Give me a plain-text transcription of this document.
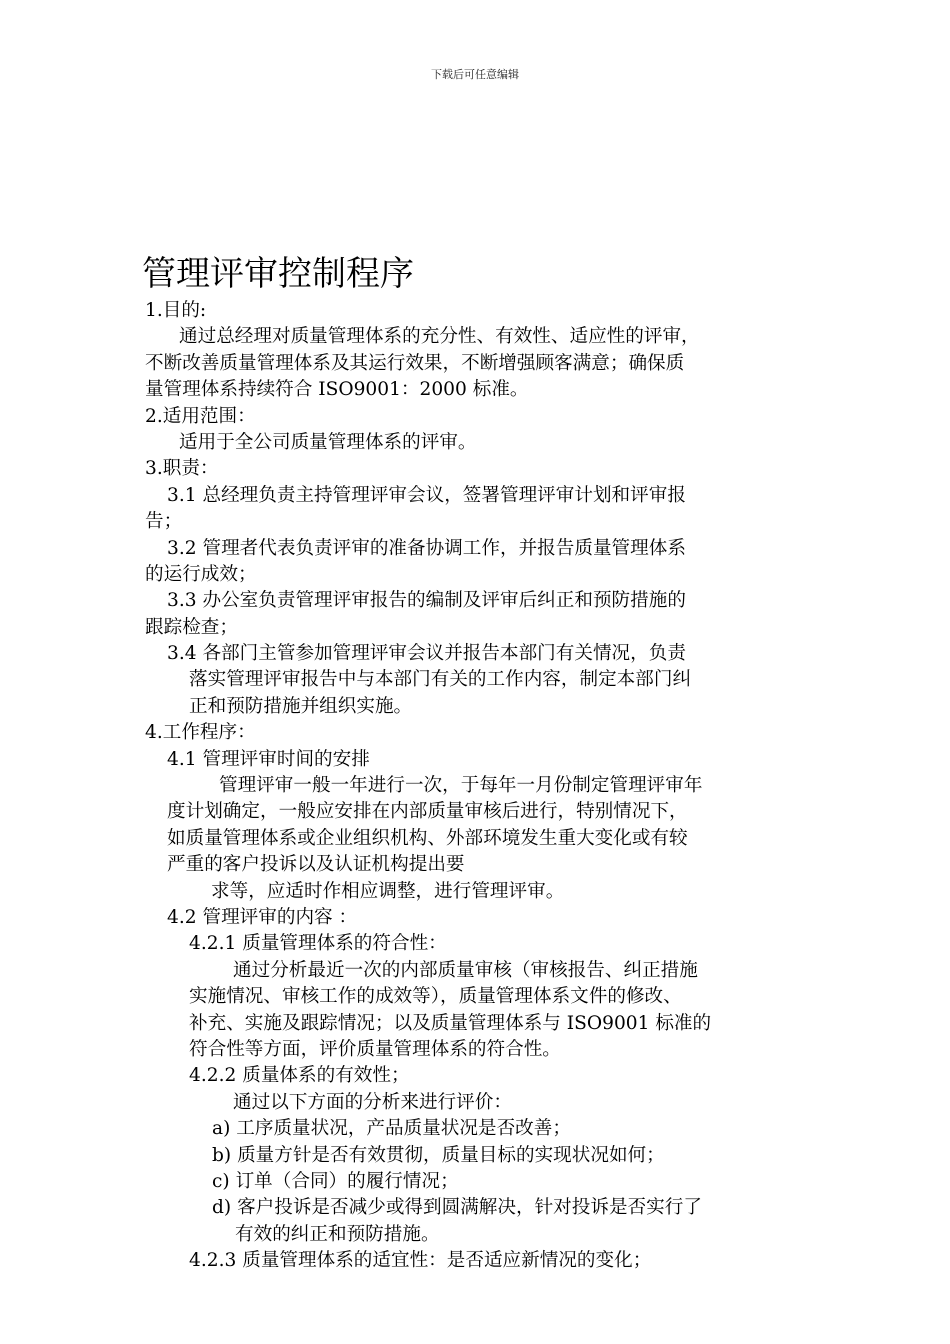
下载后可任意编辑
管理评审控制程序
1.目的:
通过总经理对质量管理体系的充分性、有效性、适应性的评审，
不断改善质量管理体系及其运行效果，不断增强顾客满意；确保质
量管理体系持续符合 ISO9001：2000 标准。
2.适用范围：
适用于全公司质量管理体系的评审。
3.职责：
3.1 总经理负责主持管理评审会议，签署管理评审计划和评审报
告；
3.2 管理者代表负责评审的准备协调工作，并报告质量管理体系
的运行成效；
3.3 办公室负责管理评审报告的编制及评审后纠正和预防措施的
跟踪检查；
3.4 各部门主管参加管理评审会议并报告本部门有关情况，负责
落实管理评审报告中与本部门有关的工作内容，制定本部门纠
正和预防措施并组织实施。
4.工作程序：
4.1 管理评审时间的安排
管理评审一般一年进行一次，于每年一月份制定管理评审年
度计划确定，一般应安排在内部质量审核后进行，特别情况下，
如质量管理体系或企业组织机构、外部环境发生重大变化或有较
严重的客户投诉以及认证机构提出要
求等，应适时作相应调整，进行管理评审。
4.2 管理评审的内容 ：
4.2.1 质量管理体系的符合性：
通过分析最近一次的内部质量审核（审核报告、纠正措施
实施情况、审核工作的成效等），质量管理体系文件的修改、
补充、实施及跟踪情况；以及质量管理体系与 ISO9001 标准的
符合性等方面，评价质量管理体系的符合性。
4.2.2 质量体系的有效性；
通过以下方面的分析来进行评价：
a) 工序质量状况，产品质量状况是否改善；
b) 质量方针是否有效贯彻，质量目标的实现状况如何；
c) 订单（合同）的履行情况；
d) 客户投诉是否减少或得到圆满解决，针对投诉是否实行了
有效的纠正和预防措施。
4.2.3 质量管理体系的适宜性：是否适应新情况的变化；
